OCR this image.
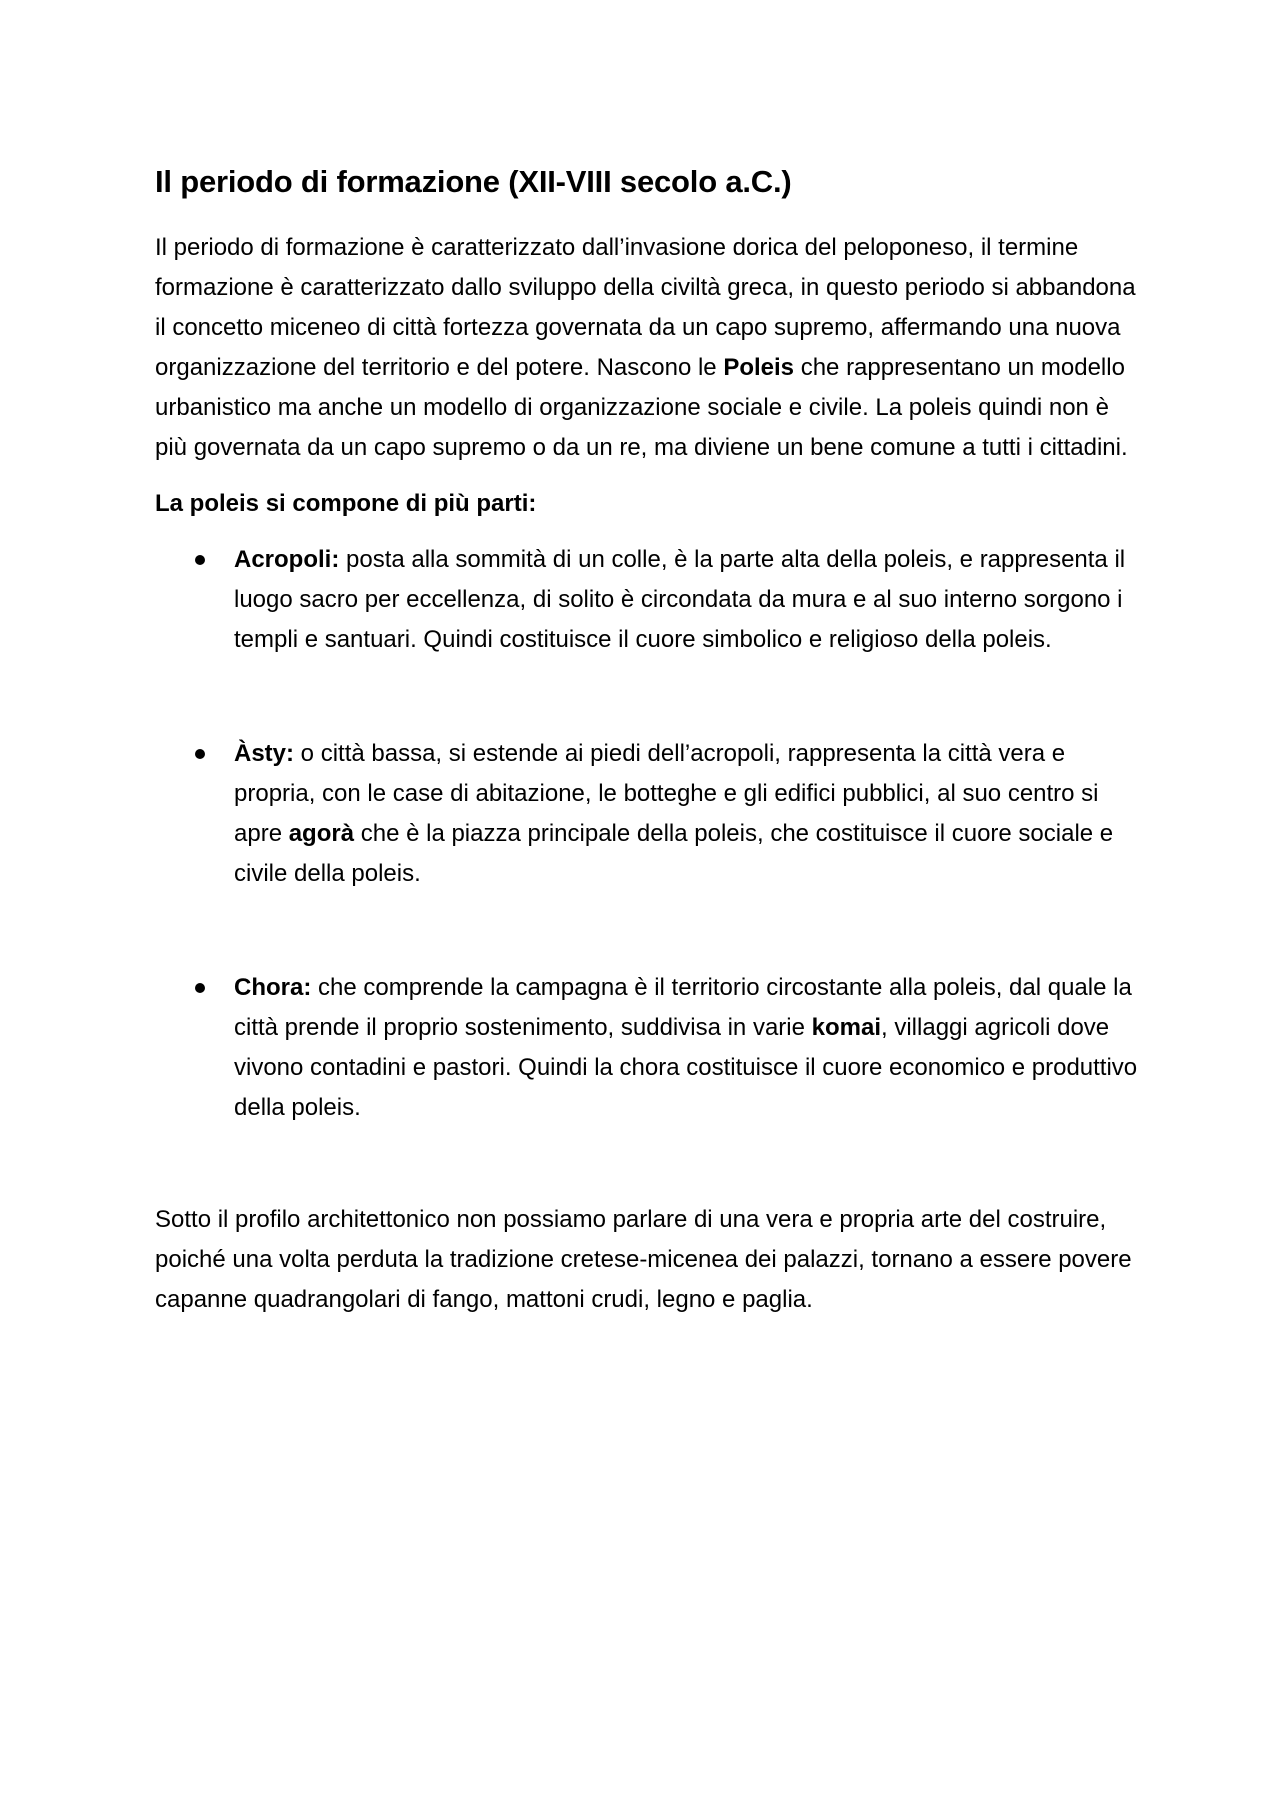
Il periodo di formazione (XII-VIII secolo a.C.)

Il periodo di formazione è caratterizzato dall’invasione dorica del peloponeso, il termine formazione è caratterizzato dallo sviluppo della civiltà greca, in questo periodo si abbandona il concetto miceneo di città fortezza governata da un capo supremo, affermando una nuova organizzazione del territorio e del potere. Nascono le Poleis che rappresentano un modello urbanistico ma anche un modello di organizzazione sociale e civile. La poleis quindi non è più governata da un capo supremo o da un re, ma diviene un bene comune a tutti i cittadini.

La poleis si compone di più parti:

Acropoli: posta alla sommità di un colle, è la parte alta della poleis, e rappresenta il luogo sacro per eccellenza, di solito è circondata da mura e al suo interno sorgono i templi e santuari. Quindi costituisce il cuore simbolico e religioso della poleis.
Àsty: o città bassa, si estende ai piedi dell’acropoli, rappresenta la città vera e propria, con le case di abitazione, le botteghe e gli edifici pubblici, al suo centro si apre agorà che è la piazza principale della poleis, che costituisce il cuore sociale e civile della poleis.
Chora: che comprende la campagna è il territorio circostante alla poleis, dal quale la città prende il proprio sostenimento, suddivisa in varie komai, villaggi agricoli dove vivono contadini e pastori. Quindi la chora costituisce il cuore economico e produttivo della poleis.

Sotto il profilo architettonico non possiamo parlare di una vera e propria arte del costruire, poiché una volta perduta la tradizione cretese-micenea dei palazzi, tornano a essere povere capanne quadrangolari di fango, mattoni crudi, legno e paglia.
